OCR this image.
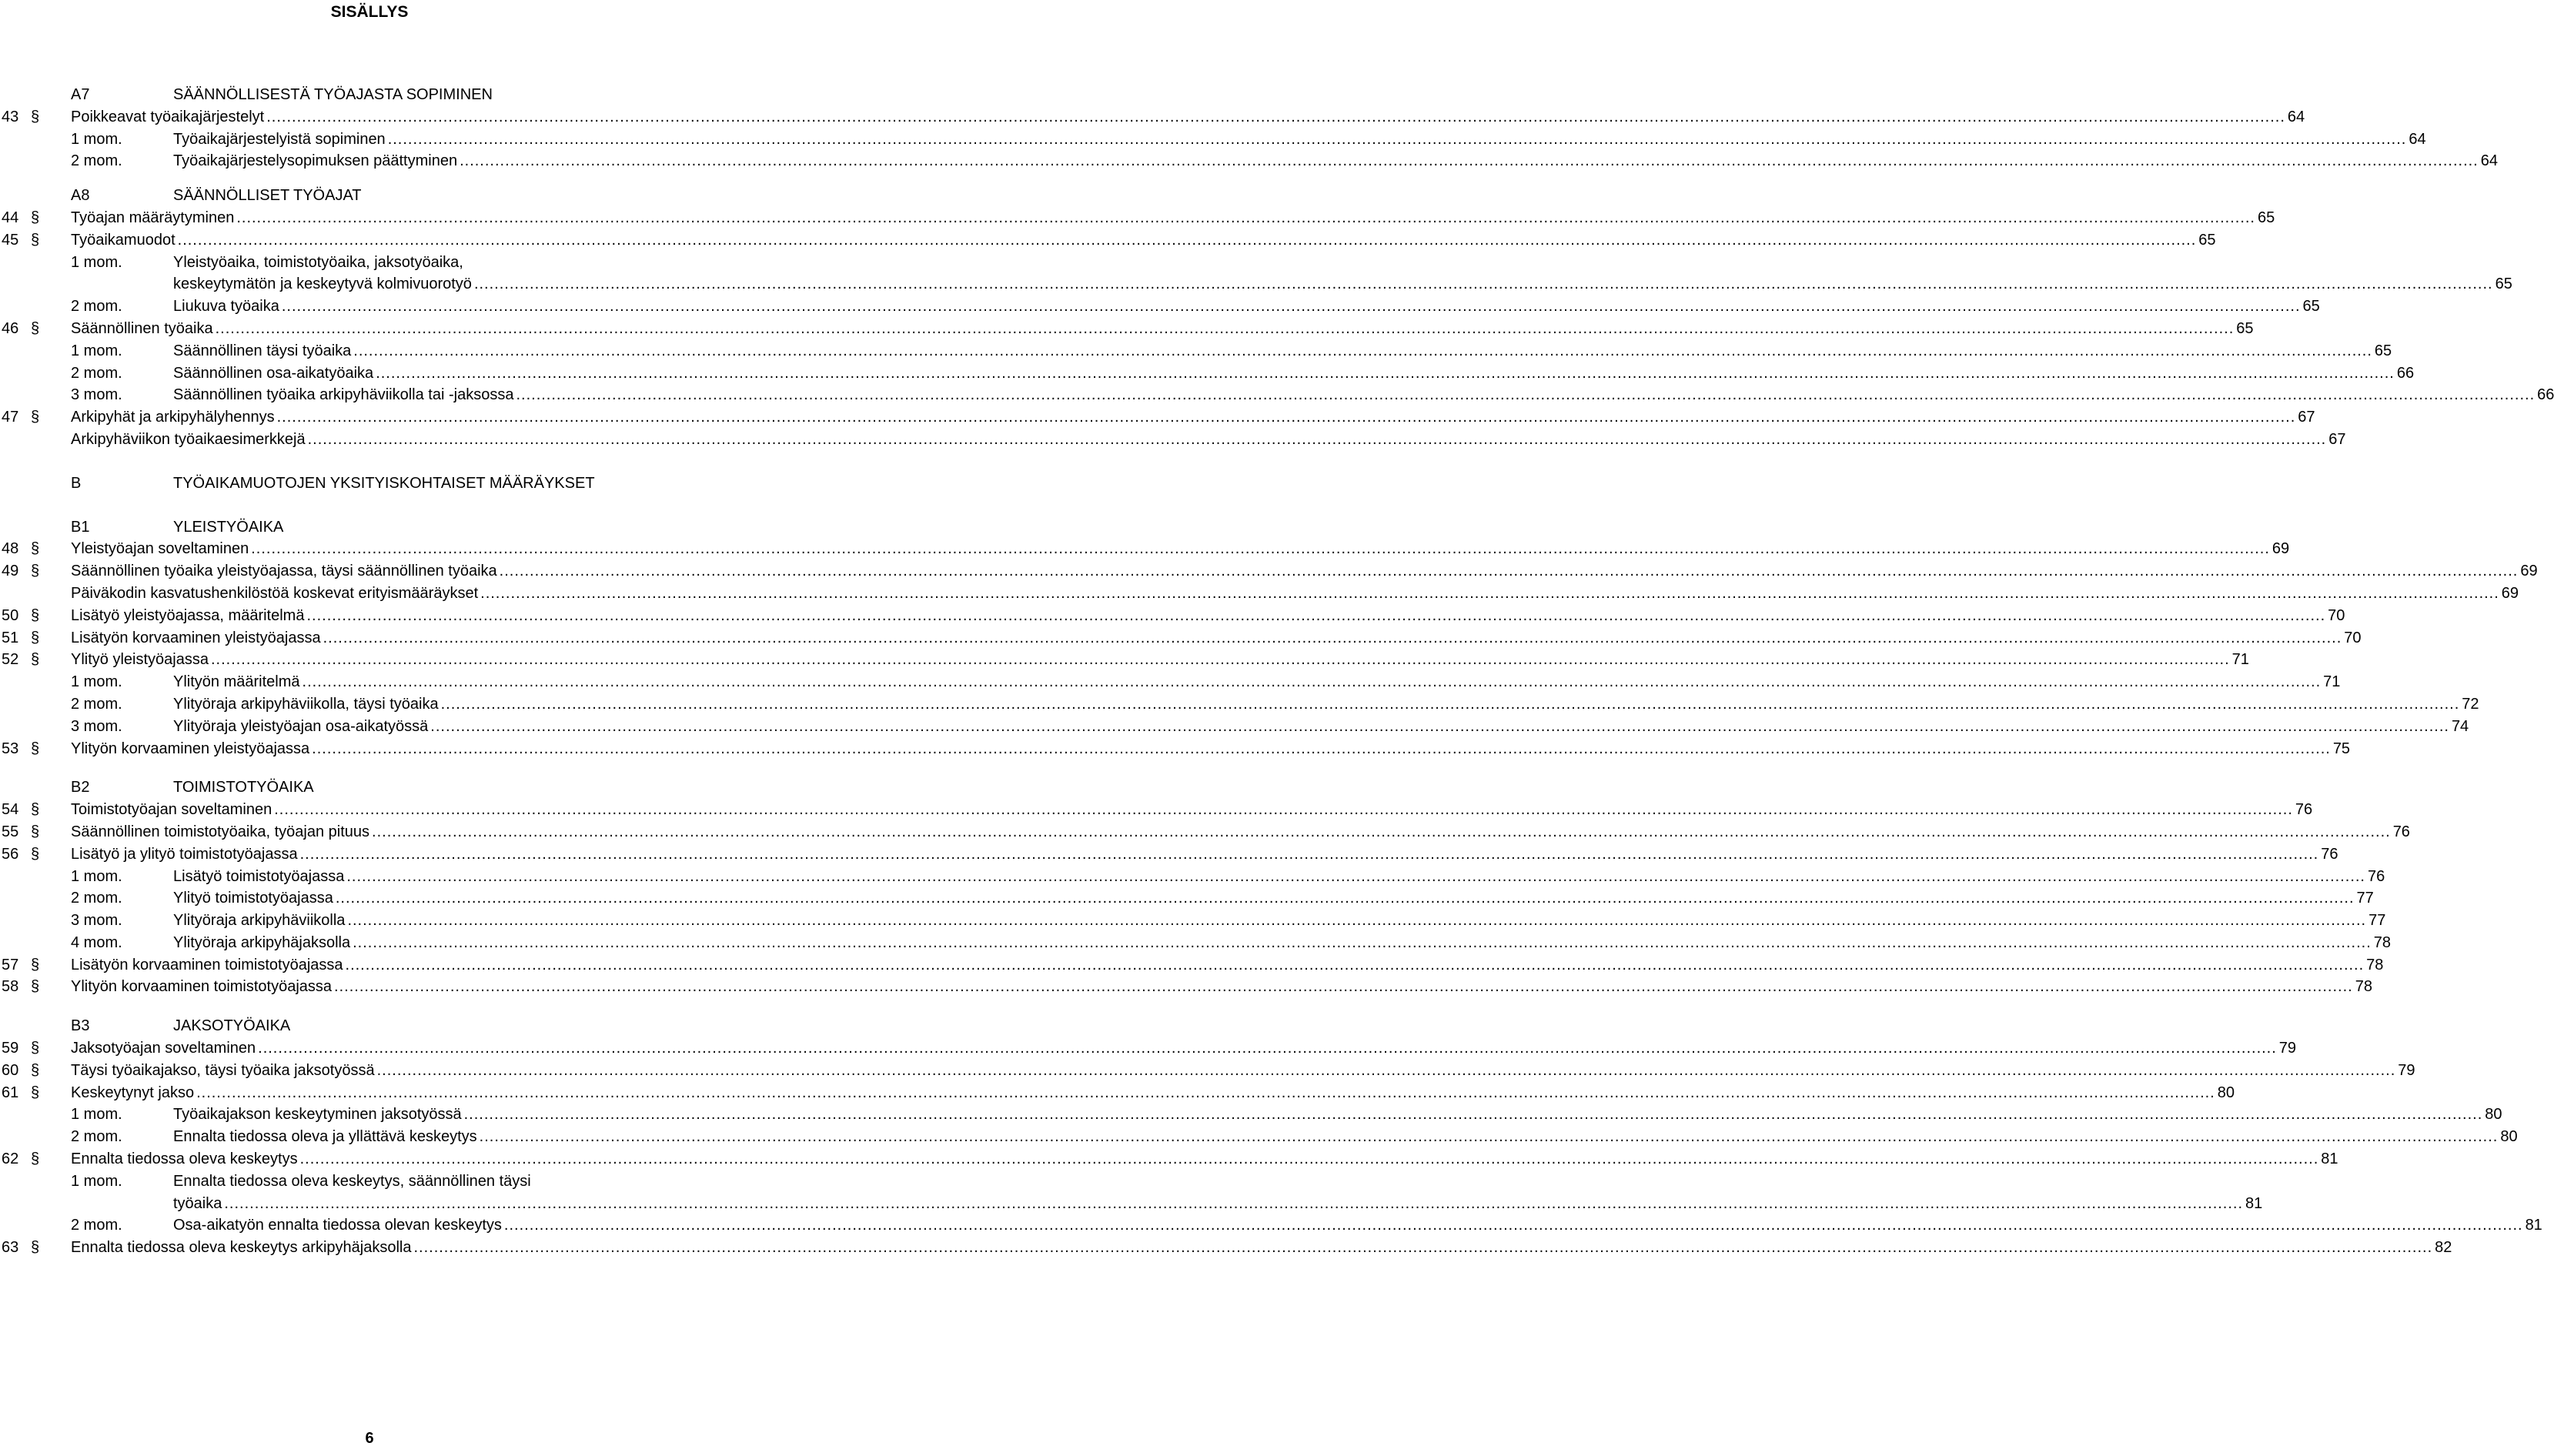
SISÄLLYS
A7	SÄÄNNÖLLISESTÄ TYÖAJASTA SOPIMINEN
43 § Poikkeavat työaikajärjestelyt ................................................................................................................................................................................................................................................................................................................................................................................................................ 64
1 mom.	Työaikajärjestelyistä sopiminen ................................................................................................................................................................................................................................................................................................................................................................................................................ 64
2 mom.	Työaikajärjestelysopimuksen päättyminen ................................................................................................................................................................................................................................................................................................................................................................................................................ 64
A8	SÄÄNNÖLLISET TYÖAJAT
44 § Työajan määräytyminen ................................................................................................................................................................................................................................................................................................................................................................................................................ 65
45 § Työaikamuodot ................................................................................................................................................................................................................................................................................................................................................................................................................ 65
1 mom.	Yleistyöaika, toimistotyöaika, jaksotyöaika,
keskeytymätön ja keskeytyvä kolmivuorotyö ................................................................................................................................................................................................................................................................................................................................................................................................................ 65
2 mom.	Liukuva työaika ................................................................................................................................................................................................................................................................................................................................................................................................................ 65
46 § Säännöllinen työaika ................................................................................................................................................................................................................................................................................................................................................................................................................ 65
1 mom.	Säännöllinen täysi työaika ................................................................................................................................................................................................................................................................................................................................................................................................................ 65
2 mom.	Säännöllinen osa-aikatyöaika ................................................................................................................................................................................................................................................................................................................................................................................................................ 66
3 mom.	Säännöllinen työaika arkipyhäviikolla tai -jaksossa ................................................................................................................................................................................................................................................................................................................................................................................................................ 66
47 § Arkipyhät ja arkipyhälyhennys ................................................................................................................................................................................................................................................................................................................................................................................................................ 67
Arkipyhäviikon työaikaesimerkkejä ................................................................................................................................................................................................................................................................................................................................................................................................................ 67
B	TYÖAIKAMUOTOJEN YKSITYISKOHTAISET MÄÄRÄYKSET
B1	YLEISTYÖAIKA
48 § Yleistyöajan soveltaminen ................................................................................................................................................................................................................................................................................................................................................................................................................ 69
49 § Säännöllinen työaika yleistyöajassa, täysi säännöllinen työaika ................................................................................................................................................................................................................................................................................................................................................................................................................ 69
Päiväkodin kasvatushenkilöstöä koskevat erityismääräykset ................................................................................................................................................................................................................................................................................................................................................................................................................ 69
50 § Lisätyö yleistyöajassa, määritelmä ................................................................................................................................................................................................................................................................................................................................................................................................................ 70
51 § Lisätyön korvaaminen yleistyöajassa ................................................................................................................................................................................................................................................................................................................................................................................................................ 70
52 § Ylityö yleistyöajassa ................................................................................................................................................................................................................................................................................................................................................................................................................ 71
1 mom.	Ylityön määritelmä ................................................................................................................................................................................................................................................................................................................................................................................................................ 71
2 mom.	Ylityöraja arkipyhäviikolla, täysi työaika ................................................................................................................................................................................................................................................................................................................................................................................................................ 72
3 mom.	Ylityöraja yleistyöajan osa-aikatyössä ................................................................................................................................................................................................................................................................................................................................................................................................................ 74
53 § Ylityön korvaaminen yleistyöajassa ................................................................................................................................................................................................................................................................................................................................................................................................................ 75
B2	TOIMISTOTYÖAIKA
54 § Toimistotyöajan soveltaminen ................................................................................................................................................................................................................................................................................................................................................................................................................ 76
55 § Säännöllinen toimistotyöaika, työajan pituus ................................................................................................................................................................................................................................................................................................................................................................................................................ 76
56 § Lisätyö ja ylityö toimistotyöajassa ................................................................................................................................................................................................................................................................................................................................................................................................................ 76
1 mom.	Lisätyö toimistotyöajassa ................................................................................................................................................................................................................................................................................................................................................................................................................ 76
2 mom.	Ylityö toimistotyöajassa ................................................................................................................................................................................................................................................................................................................................................................................................................ 77
3 mom.	Ylityöraja arkipyhäviikolla ................................................................................................................................................................................................................................................................................................................................................................................................................ 77
4 mom.	Ylityöraja arkipyhäjaksolla ................................................................................................................................................................................................................................................................................................................................................................................................................ 78
57 § Lisätyön korvaaminen toimistotyöajassa ................................................................................................................................................................................................................................................................................................................................................................................................................ 78
58 § Ylityön korvaaminen toimistotyöajassa ................................................................................................................................................................................................................................................................................................................................................................................................................ 78
B3	JAKSOTYÖAIKA
59 § Jaksotyöajan soveltaminen ................................................................................................................................................................................................................................................................................................................................................................................................................ 79
60 § Täysi työaikajakso, täysi työaika jaksotyössä ................................................................................................................................................................................................................................................................................................................................................................................................................ 79
61 § Keskeytynyt jakso ................................................................................................................................................................................................................................................................................................................................................................................................................ 80
1 mom.	Työaikajakson keskeytyminen jaksotyössä ................................................................................................................................................................................................................................................................................................................................................................................................................ 80
2 mom.	Ennalta tiedossa oleva ja yllättävä keskeytys ................................................................................................................................................................................................................................................................................................................................................................................................................ 80
62 § Ennalta tiedossa oleva keskeytys ................................................................................................................................................................................................................................................................................................................................................................................................................ 81
1 mom.	Ennalta tiedossa oleva keskeytys, säännöllinen täysi
työaika ................................................................................................................................................................................................................................................................................................................................................................................................................ 81
2 mom.	Osa-aikatyön ennalta tiedossa olevan keskeytys ................................................................................................................................................................................................................................................................................................................................................................................................................ 81
63 § Ennalta tiedossa oleva keskeytys arkipyhäjaksolla ................................................................................................................................................................................................................................................................................................................................................................................................................ 82
6
